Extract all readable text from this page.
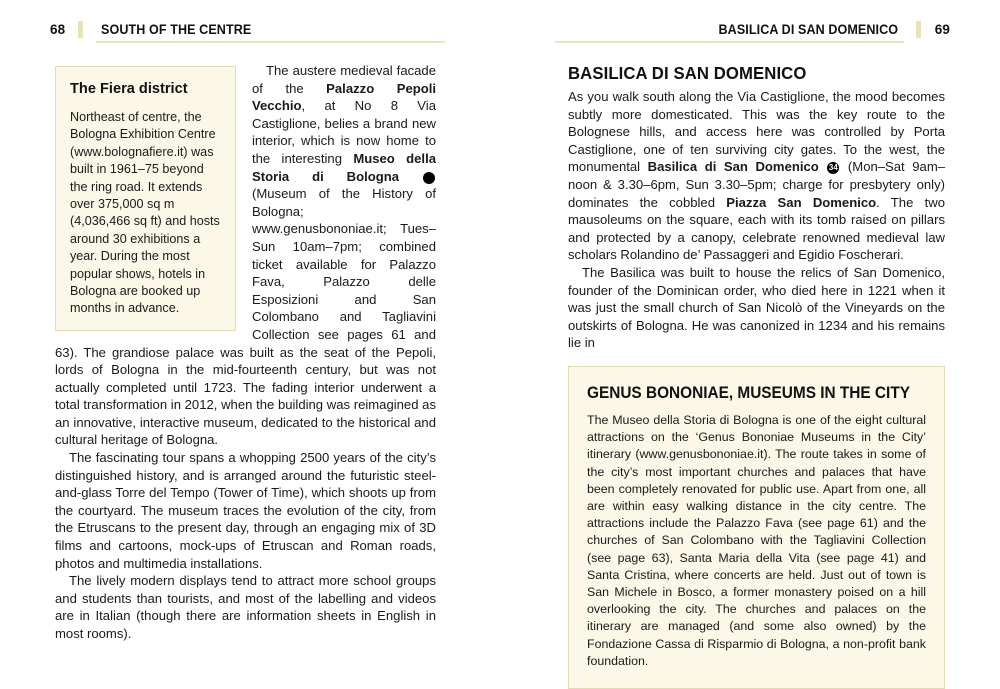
68	SOUTH OF THE CENTRE
The Fiera district
Northeast of centre, the Bologna Exhibition Centre (www.bolognafiere.it) was built in 1961–75 beyond the ring road. It extends over 375,000 sq m (4,036,466 sq ft) and hosts around 30 exhibitions a year. During the most popular shows, hotels in Bologna are booked up months in advance.

The austere medieval facade of the Palazzo Pepoli Vecchio, at No 8 Via Castiglione, belies a brand new interior, which is now home to the interesting Museo della Storia di Bologna	33 (Museum of the History of Bologna; www.genusbononiae.it; Tues–Sun 10am–7pm; combined ticket available for Palazzo Fava, Palazzo delle Esposizioni and San Colombano and Tagliavini Collection see pages 61 and 63). The grandiose palace was built as the seat of the Pepoli, lords of Bologna in the mid-fourteenth century, but was not actually completed until 1723. The fading interior underwent a total transformation in 2012, when the building was reimagined as an innovative, interactive museum, dedicated to the historical and cultural heritage of Bologna.

The fascinating tour spans a whopping 2500 years of the city’s distinguished history, and is arranged around the futuristic steel-and-glass Torre del Tempo (Tower of Time), which shoots up from the courtyard. The museum traces the evolution of the city, from the Etruscans to the present day, through an engaging mix of 3D films and cartoons, mock-ups of Etruscan and Roman roads, photos and multimedia installations.

The lively modern displays tend to attract more school groups and students than tourists, and most of the labelling and videos are in Italian (though there are information sheets in English in most rooms).

BASILICA DI SAN DOMENICO	69
BASILICA DI SAN DOMENICO

As you walk south along the Via Castiglione, the mood becomes subtly more domesticated. This was the key route to the Bolognese hills, and access here was controlled by Porta Castiglione, one of ten surviving city gates. To the west, the monumental Basilica di San Domenico 34 (Mon–Sat 9am–noon & 3.30–6pm, Sun 3.30–5pm; charge for presbytery only) dominates the cobbled Piazza San Domenico. The two mausoleums on the square, each with its tomb raised on pillars and protected by a canopy, celebrate renowned medieval law scholars Rolandino de’ Passaggeri and Egidio Foscherari.

The Basilica was built to house the relics of San Domenico, founder of the Dominican order, who died here in 1221 when it was just the small church of San Nicolò of the Vineyards on the outskirts of Bologna. He was canonized in 1234 and his remains lie in

GENUS BONONIAE, MUSEUMS IN THE CITY
The Museo della Storia di Bologna is one of the eight cultural attractions on the ‘Genus Bononiae Museums in the City’ itinerary (www.genusbononiae.it). The route takes in some of the city’s most important churches and palaces that have been completely renovated for public use. Apart from one, all are within easy walking distance in the city centre. The attractions include the Palazzo Fava (see page 61) and the churches of San Colombano with the Tagliavini Collection (see page 63), Santa Maria della Vita (see page 41) and Santa Cristina, where concerts are held. Just out of town is San Michele in Bosco, a former monastery poised on a hill overlooking the city. The churches and palaces on the itinerary are managed (and some also owned) by the Fondazione Cassa di Risparmio di Bologna, a non-profit bank foundation.
